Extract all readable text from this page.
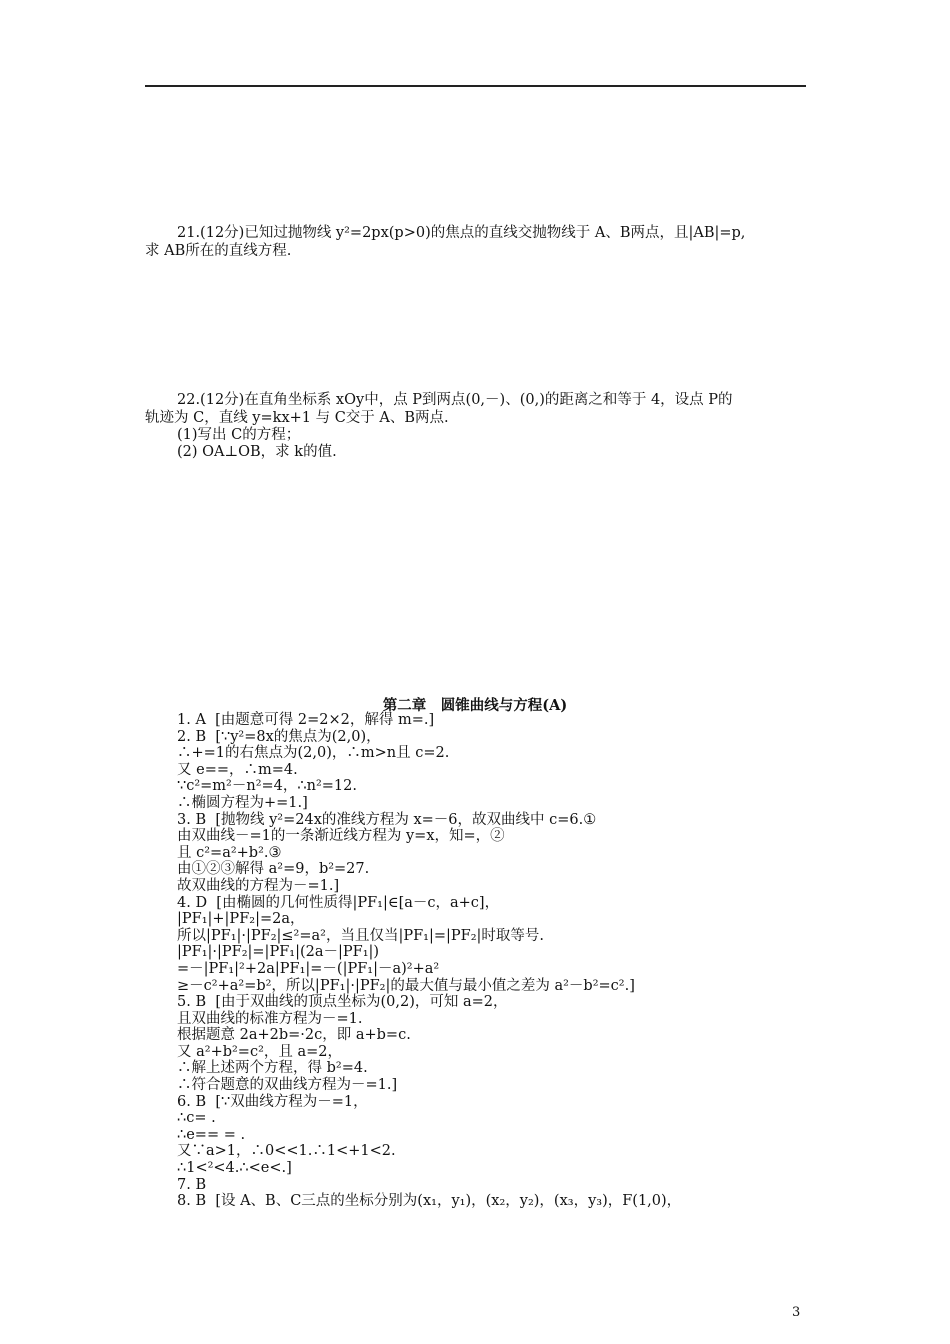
21.(12分)已知过抛物线 y²=2px(p>0)的焦点的直线交抛物线于 A、B两点，且|AB|=p,
求 AB所在的直线方程.
22.(12分)在直角坐标系 xOy中，点 P到两点(0,－)、(0,)的距离之和等于 4，设点 P的
轨迹为 C，直线 y=kx+1 与 C交于 A、B两点.
(1)写出 C的方程；
(2) OA⊥OB，求 k的值.
第二章　圆锥曲线与方程(A)
1. A  [由题意可得 2=2×2，解得 m=.]
2. B  [∵y²=8x的焦点为(2,0)，
∴+=1的右焦点为(2,0)，∴m>n且 c=2.
又 e==，∴m=4.
∵c²=m²－n²=4，∴n²=12.
∴椭圆方程为+=1.]
3. B  [抛物线 y²=24x的准线方程为 x=－6，故双曲线中 c=6.①
由双曲线－=1的一条渐近线方程为 y=x，知=，②
且 c²=a²+b².③
由①②③解得 a²=9，b²=27.
故双曲线的方程为－=1.]
4. D  [由椭圆的几何性质得|PF₁|∈[a－c，a+c]，
|PF₁|+|PF₂|=2a，
所以|PF₁|·|PF₂|≤²=a²，当且仅当|PF₁|=|PF₂|时取等号.
|PF₁|·|PF₂|=|PF₁|(2a－|PF₁|)
=－|PF₁|²+2a|PF₁|=－(|PF₁|－a)²+a²
≥－c²+a²=b²，所以|PF₁|·|PF₂|的最大值与最小值之差为 a²－b²=c².]
5. B  [由于双曲线的顶点坐标为(0,2)，可知 a=2，
且双曲线的标准方程为－=1.
根据题意 2a+2b=·2c，即 a+b=c.
又 a²+b²=c²，且 a=2，
∴解上述两个方程，得 b²=4.
∴符合题意的双曲线方程为－=1.]
6. B  [∵双曲线方程为－=1，
∴c= .
∴e== = .
又∵a>1，∴0<<1.∴1<+1<2.
∴1<²<4.∴<e<.]
7. B
8. B  [设 A、B、C三点的坐标分别为(x₁，y₁)，(x₂，y₂)，(x₃，y₃)，F(1,0)，
3
